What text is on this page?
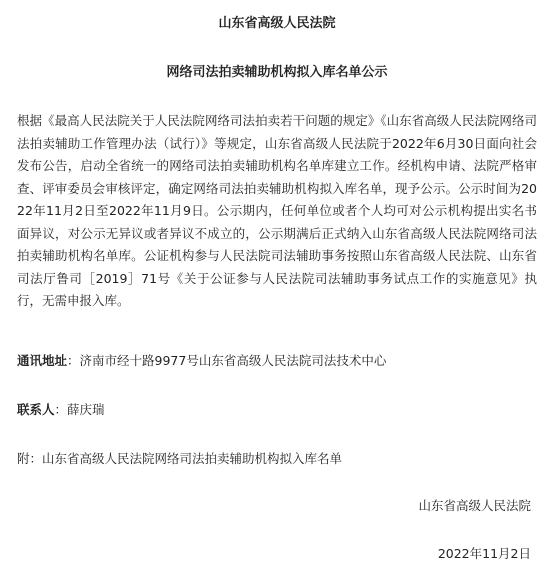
山东省高级人民法院
网络司法拍卖辅助机构拟入库名单公示

根据《最高人民法院关于人民法院网络司法拍卖若干问题的规定》《山东省高级人民法院网络司法拍卖辅助工作管理办法（试行）》等规定，山东省高级人民法院于2022年6月30日面向社会发布公告，启动全省统一的网络司法拍卖辅助机构名单库建立工作。经机构申请、法院严格审查、评审委员会审核评定，确定网络司法拍卖辅助机构拟入库名单，现予公示。公示时间为2022年11月2日至2022年11月9日。公示期内，任何单位或者个人均可对公示机构提出实名书面异议，对公示无异议或者异议不成立的，公示期满后正式纳入山东省高级人民法院网络司法拍卖辅助机构名单库。公证机构参与人民法院司法辅助事务按照山东省高级人民法院、山东省司法厅鲁司［2019］71号《关于公证参与人民法院司法辅助事务试点工作的实施意见》执行，无需申报入库。

通讯地址：济南市经十路9977号山东省高级人民法院司法技术中心
联系人：薛庆瑞
附：山东省高级人民法院网络司法拍卖辅助机构拟入库名单
山东省高级人民法院
2022年11月2日
